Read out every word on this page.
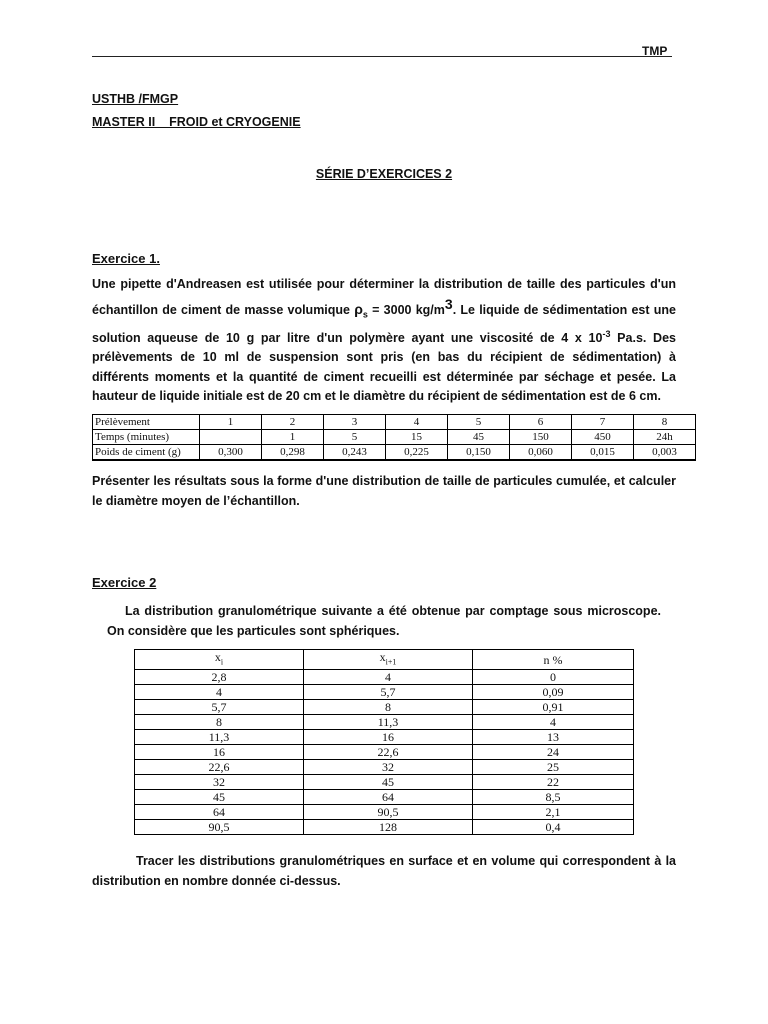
TMP
USTHB /FMGP
MASTER II    FROID et CRYOGENIE
SÉRIE D’EXERCICES 2
Exercice 1.
Une pipette d'Andreasen est utilisée pour déterminer la distribution de taille des particules d'un échantillon de ciment de masse volumique $\rho_s = 3000$ $kg/m^3$. Le liquide de sédimentation est une solution aqueuse de 10 g par litre d'un polymère ayant une viscosité de 4 x $10^{-3}$ Pa.s. Des prélèvements de 10 ml de suspension sont pris (en bas du récipient de sédimentation) à différents moments et la quantité de ciment recueilli est déterminée par séchage et pesée. La hauteur de liquide initiale est de 20 cm et le diamètre du récipient de sédimentation est de 6 cm.
Prélèvement	1	2	3	4	5	6	7	8
Temps (minutes)		1	5	15	45	150	450	24h
Poids de ciment (g)	0,300	0,298	0,243	0,225	0,150	0,060	0,015	0,003
Présenter les résultats sous la forme d'une distribution de taille de particules cumulée, et calculer le diamètre moyen de l’échantillon.
Exercice 2
La distribution granulométrique suivante a été obtenue par comptage sous microscope. On considère que les particules sont sphériques.
$x_i$	$x_{i+1}$	n %
2,8	4	0
4	5,7	0,09
5,7	8	0,91
8	11,3	4
11,3	16	13
16	22,6	24
22,6	32	25
32	45	22
45	64	8,5
64	90,5	2,1
90,5	128	0,4
Tracer les distributions granulométriques en surface et en volume qui correspondent à la distribution en nombre donnée ci-dessus.
